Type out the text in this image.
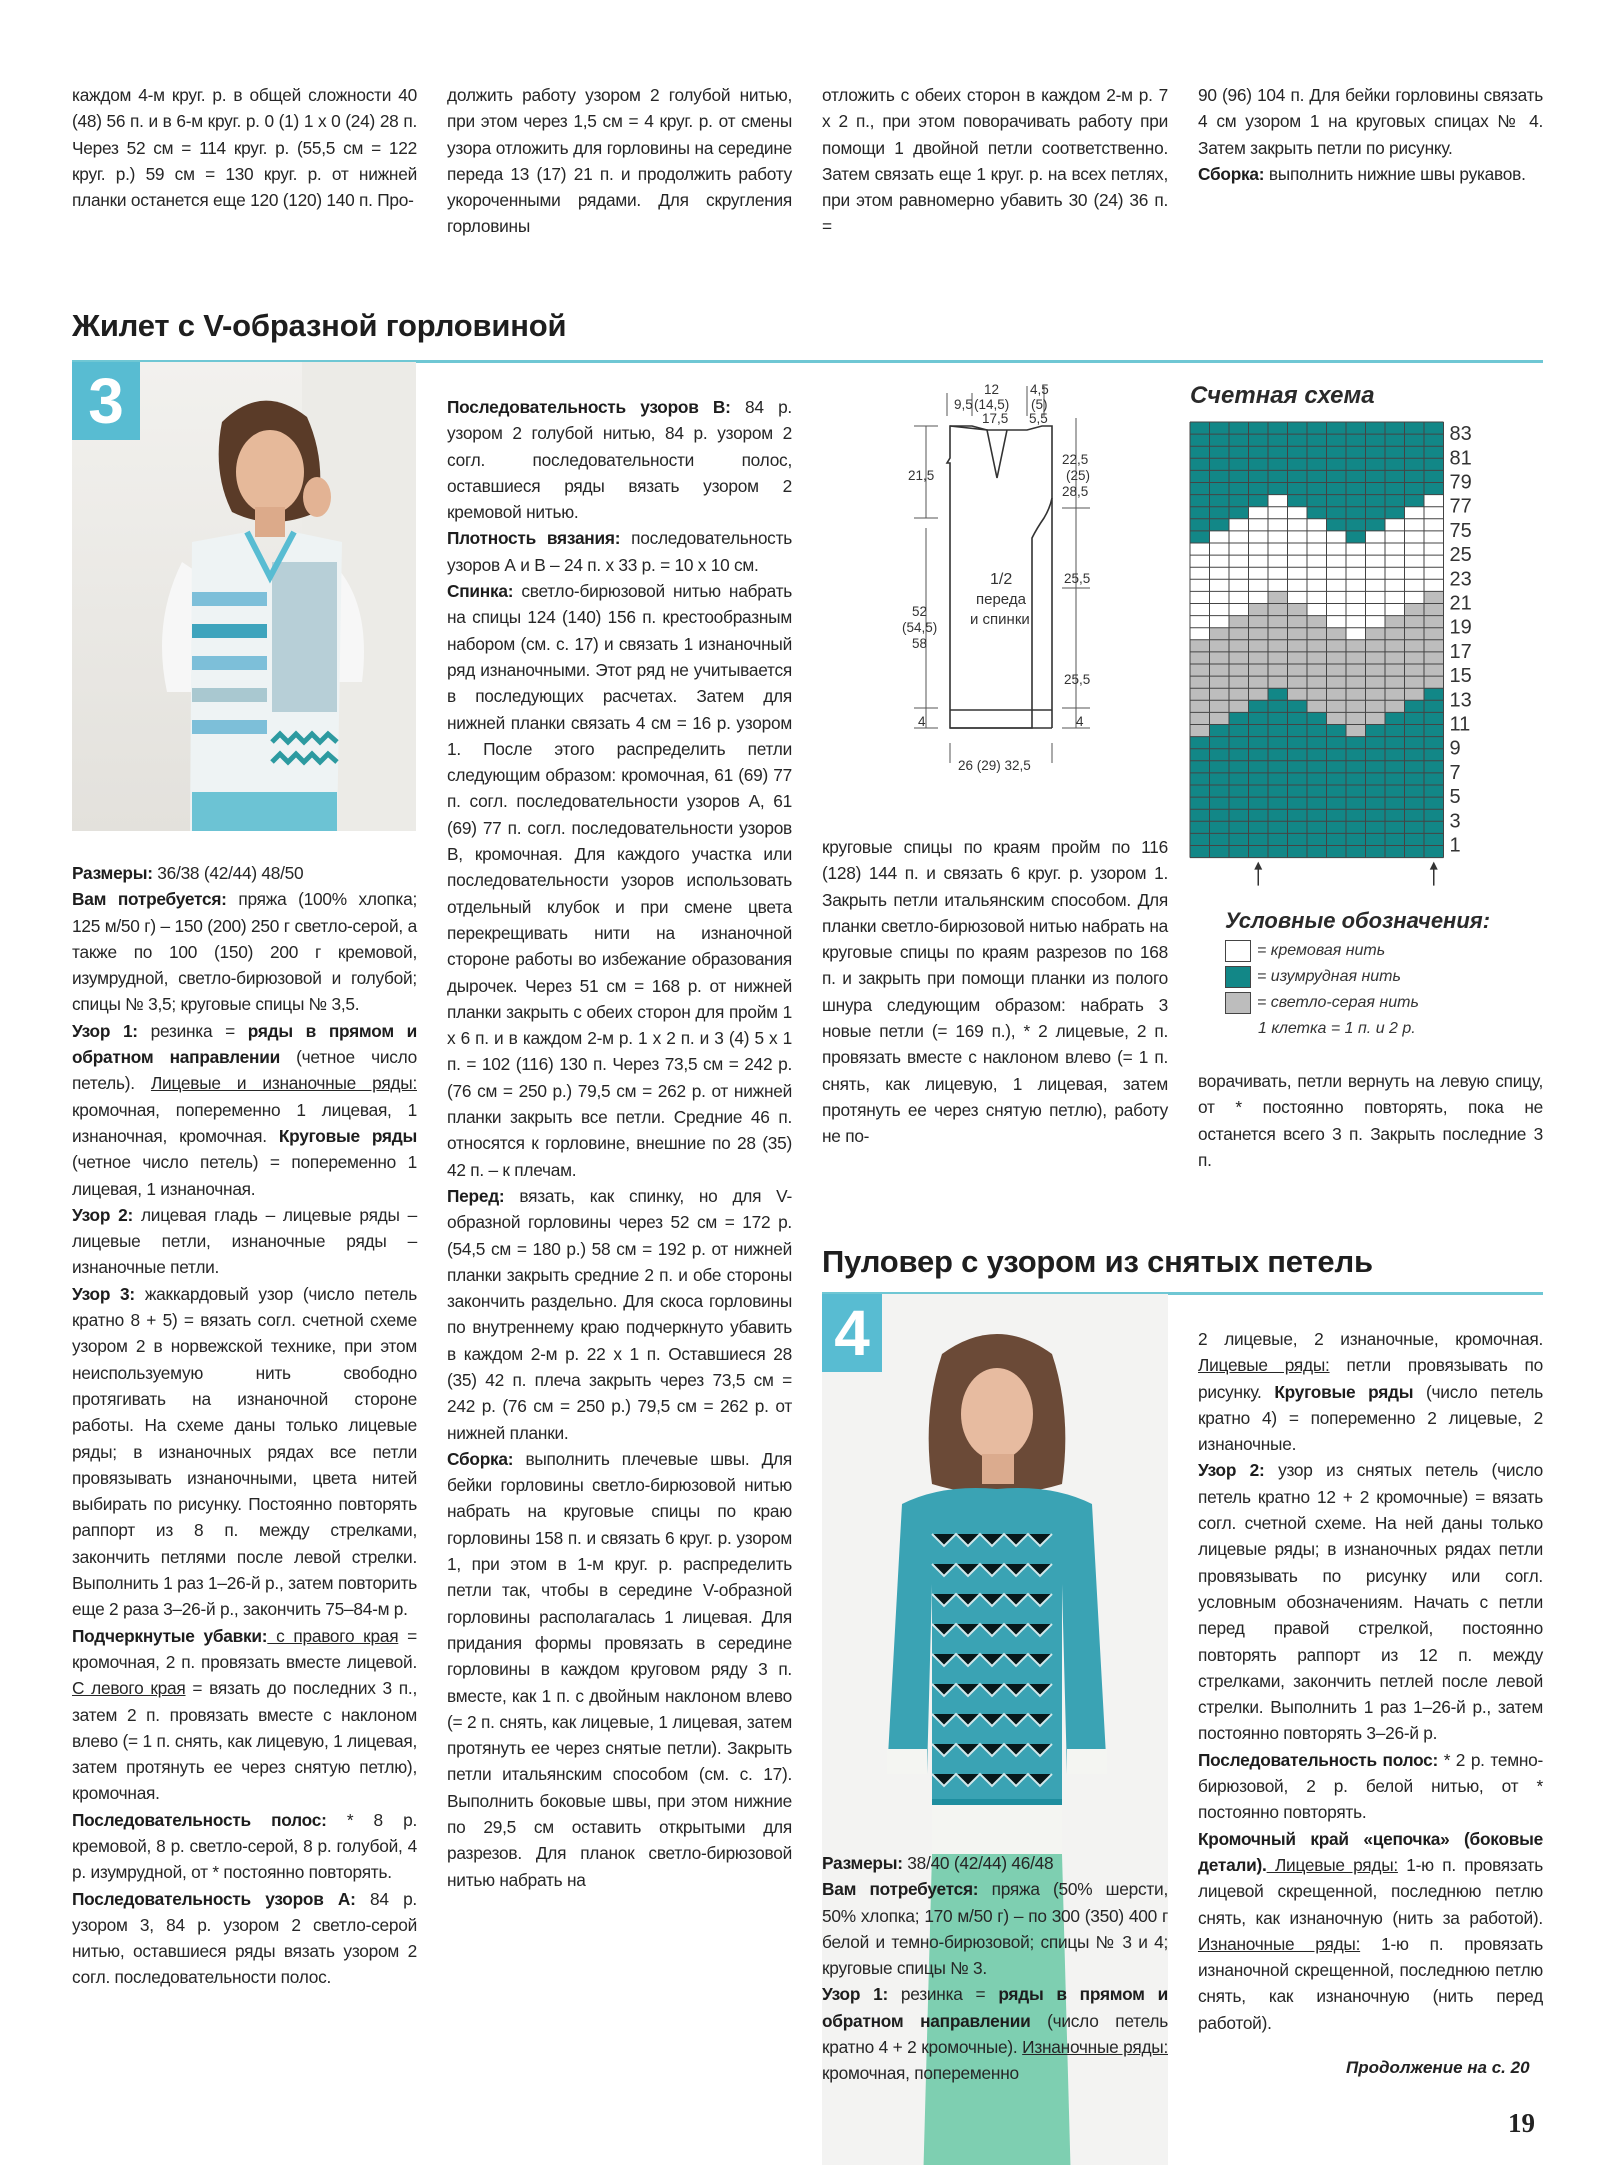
каждом 4-м круг. р. в общей сложности 40 (48) 56 п. и в 6-м круг. р. 0 (1) 1 х 0 (24) 28 п. Через 52 см = 114 круг. р. (55,5 см = 122 круг. р.) 59 см = 130 круг. р. от нижней планки останется еще 120 (120) 140 п. Про-

должить работу узором 2 голубой нитью, при этом через 1,5 см = 4 круг. р. от смены узора отложить для горловины на середине переда 13 (17) 21 п. и продолжить работу укороченными рядами. Для скругления горловины

отложить с обеих сторон в каждом 2-м р. 7 х 2 п., при этом поворачивать работу при помощи 1 двойной петли соответственно. Затем связать еще 1 круг. р. на всех петлях, при этом равномерно убавить 30 (24) 36 п. =

90 (96) 104 п. Для бейки горловины связать 4 см узором 1 на круговых спицах № 4. Затем закрыть петли по рисунку.
Сборка: выполнить нижние швы рукавов.

Жилет с V-образной горловиной
3

Размеры: 36/38 (42/44) 48/50

Вам потребуется: пряжа (100% хлопка; 125 м/50 г) – 150 (200) 250 г светло-серой, а также по 100 (150) 200 г кремовой, изумрудной, светло-бирюзовой и голубой; спицы № 3,5; круговые спицы № 3,5.

Узор 1: резинка = ряды в прямом и обратном направлении (четное число петель). Лицевые и изнаночные ряды: кромочная, попеременно 1 лицевая, 1 изнаночная, кромочная. Круговые ряды (четное число петель) = попеременно 1 лицевая, 1 изнаночная.

Узор 2: лицевая гладь – лицевые ряды – лицевые петли, изнаночные ряды – изнаночные петли.

Узор 3: жаккардовый узор (число петель кратно 8 + 5) = вязать согл. счетной схеме узором 2 в норвежской технике, при этом неиспользуемую нить свободно протягивать на изнаночной стороне работы. На схеме даны только лицевые ряды; в изнаночных рядах все петли провязывать изнаночными, цвета нитей выбирать по рисунку. Постоянно повторять раппорт из 8 п. между стрелками, закончить петлями после левой стрелки. Выполнить 1 раз 1–26-й р., затем повторить еще 2 раза 3–26-й р., закончить 75–84-м р.

Подчеркнутые убавки: с правого края = кромочная, 2 п. провязать вместе лицевой. С левого края = вязать до последних 3 п., затем 2 п. провязать вместе с наклоном влево (= 1 п. снять, как лицевую, 1 лицевая, затем протянуть ее через снятую петлю), кромочная.

Последовательность полос: * 8 р. кремовой, 8 р. светло-серой, 8 р. голубой, 4 р. изумрудной, от * постоянно повторять.

Последовательность узоров А: 84 р. узором 3, 84 р. узором 2 светло-серой нитью, оставшиеся ряды вязать узором 2 согл. последовательности полос.

Последовательность узоров В: 84 р. узором 2 голубой нитью, 84 р. узором 2 согл. последовательности полос, оставшиеся ряды вязать узором 2 кремовой нитью.

Плотность вязания: последовательность узоров А и В – 24 п. х 33 р. = 10 х 10 см.

Спинка: светло-бирюзовой нитью набрать на спицы 124 (140) 156 п. крестообразным набором (см. с. 17) и связать 1 изнаночный ряд изнаночными. Этот ряд не учитывается в последующих расчетах. Затем для нижней планки связать 4 см = 16 р. узором 1. После этого распределить петли следующим образом: кромочная, 61 (69) 77 п. согл. последовательности узоров А, 61 (69) 77 п. согл. последовательности узоров В, кромочная. Для каждого участка или последовательности узоров использовать отдельный клубок и при смене цвета перекрещивать нити на изнаночной стороне работы во избежание образования дырочек. Через 51 см = 168 р. от нижней планки закрыть с обеих сторон для пройм 1 х 6 п. и в каждом 2-м р. 1 х 2 п. и 3 (4) 5 х 1 п. = 102 (116) 130 п. Через 73,5 см = 242 р. (76 см = 250 р.) 79,5 см = 262 р. от нижней планки закрыть все петли. Средние 46 п. относятся к горловине, внешние по 28 (35) 42 п. – к плечам.

Перед: вязать, как спинку, но для V-образной горловины через 52 см = 172 р. (54,5 см = 180 р.) 58 см = 192 р. от нижней планки закрыть средние 2 п. и обе стороны закончить раздельно. Для скоса горловины по внутреннему краю подчеркнуто убавить в каждом 2-м р. 22 х 1 п. Оставшиеся 28 (35) 42 п. плеча закрыть через 73,5 см = 242 р. (76 см = 250 р.) 79,5 см = 262 р. от нижней планки.

Сборка: выполнить плечевые швы. Для бейки горловины светло-бирюзовой нитью набрать на круговые спицы по краю горловины 158 п. и связать 6 круг. р. узором 1, при этом в 1-м круг. р. распределить петли так, чтобы в середине V-образной горловины располагалась 1 лицевая. Для придания формы провязать в середине горловины в каждом круговом ряду 3 п. вместе, как 1 п. с двойным наклоном влево (= 2 п. снять, как лицевые, 1 лицевая, затем протянуть ее через снятые петли). Закрыть петли итальянским способом (см. с. 17). Выполнить боковые швы, при этом нижние по 29,5 см оставить открытыми для разрезов. Для планок светло-бирюзовой нитью набрать на

12
(14,5)
17,5
4,5
(5)
5,5
9,5
21,5
22,5
(25)
28,5
25,5
25,5
52
(54,5)
58
1/2
переда
и спинки
4	4
26 (29) 32,5
Счетная схема
83
81
79
77
75
25
23
21
19
17
15
13
11
9
7
5
3
1
Условные обозначения:
= кремовая нить
= изумрудная нить
= светло-серая нить
1 клетка = 1 п. и 2 р.

круговые спицы по краям пройм по 116 (128) 144 п. и связать 6 круг. р. узором 1. Закрыть петли итальянским способом. Для планки светло-бирюзовой нитью набрать на круговые спицы по краям разрезов по 168 п. и закрыть при помощи планки из полого шнура следующим образом: набрать 3 новые петли (= 169 п.), * 2 лицевые, 2 п. провязать вместе с наклоном влево (= 1 п. снять, как лицевую, 1 лицевая, затем протянуть ее через снятую петлю), работу не по-

ворачивать, петли вернуть на левую спицу, от * постоянно повторять, пока не останется всего 3 п. Закрыть последние 3 п.

Пуловер с узором из снятых петель
4

Размеры: 38/40 (42/44) 46/48

Вам потребуется: пряжа (50% шерсти, 50% хлопка; 170 м/50 г) – по 300 (350) 400 г белой и темно-бирюзовой; спицы № 3 и 4; круговые спицы № 3.

Узор 1: резинка = ряды в прямом и обратном направлении (число петель кратно 4 + 2 кромочные). Изнаночные ряды: кромочная, попеременно

2 лицевые, 2 изнаночные, кромочная. Лицевые ряды: петли провязывать по рисунку. Круговые ряды (число петель кратно 4) = попеременно 2 лицевые, 2 изнаночные.

Узор 2: узор из снятых петель (число петель кратно 12 + 2 кромочные) = вязать согл. счетной схеме. На ней даны только лицевые ряды; в изнаночных рядах петли провязывать по рисунку или согл. условным обозначениям. Начать с петли перед правой стрелкой, постоянно повторять раппорт из 12 п. между стрелками, закончить петлей после левой стрелки. Выполнить 1 раз 1–26-й р., затем постоянно повторять 3–26-й р.

Последовательность полос: * 2 р. темно-бирюзовой, 2 р. белой нитью, от * постоянно повторять.

Кромочный край «цепочка» (боковые детали). Лицевые ряды: 1-ю п. провязать лицевой скрещенной, последнюю петлю снять, как изнаночную (нить за работой). Изнаночные ряды: 1-ю п. провязать изнаночной скрещенной, последнюю петлю снять, как изнаночную (нить перед работой).

Продолжение на с. 20
19
